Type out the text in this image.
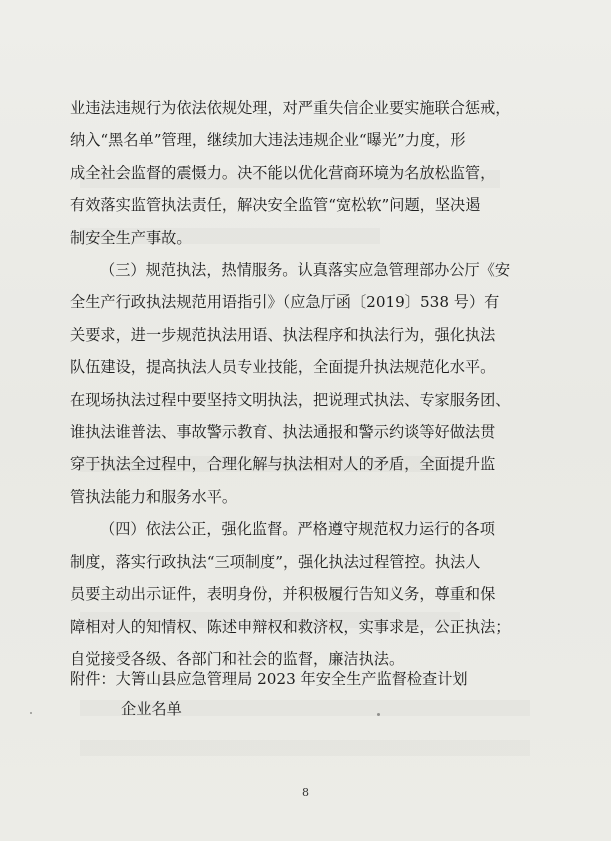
业违法违规行为依法依规处理，对严重失信企业要实施联合惩戒，
纳入“黑名单”管理，继续加大违法违规企业“曝光”力度，形
成全社会监督的震慑力。决不能以优化营商环境为名放松监管，
有效落实监管执法责任，解决安全监管“宽松软”问题，坚决遏
制安全生产事故。

（三）规范执法，热情服务。认真落实应急管理部办公厅《安
全生产行政执法规范用语指引》（应急厅函〔2019〕538 号）有
关要求，进一步规范执法用语、执法程序和执法行为，强化执法
队伍建设，提高执法人员专业技能，全面提升执法规范化水平。
在现场执法过程中要坚持文明执法，把说理式执法、专家服务团、
谁执法谁普法、事故警示教育、执法通报和警示约谈等好做法贯
穿于执法全过程中，合理化解与执法相对人的矛盾，全面提升监
管执法能力和服务水平。

（四）依法公正，强化监督。严格遵守规范权力运行的各项
制度，落实行政执法“三项制度”，强化执法过程管控。执法人
员要主动出示证件，表明身份，并积极履行告知义务，尊重和保
障相对人的知情权、陈述申辩权和救济权，实事求是，公正执法；
自觉接受各级、各部门和社会的监督，廉洁执法。

附件：大箐山县应急管理局 2023 年安全生产监督检查计划
企业名单
8
